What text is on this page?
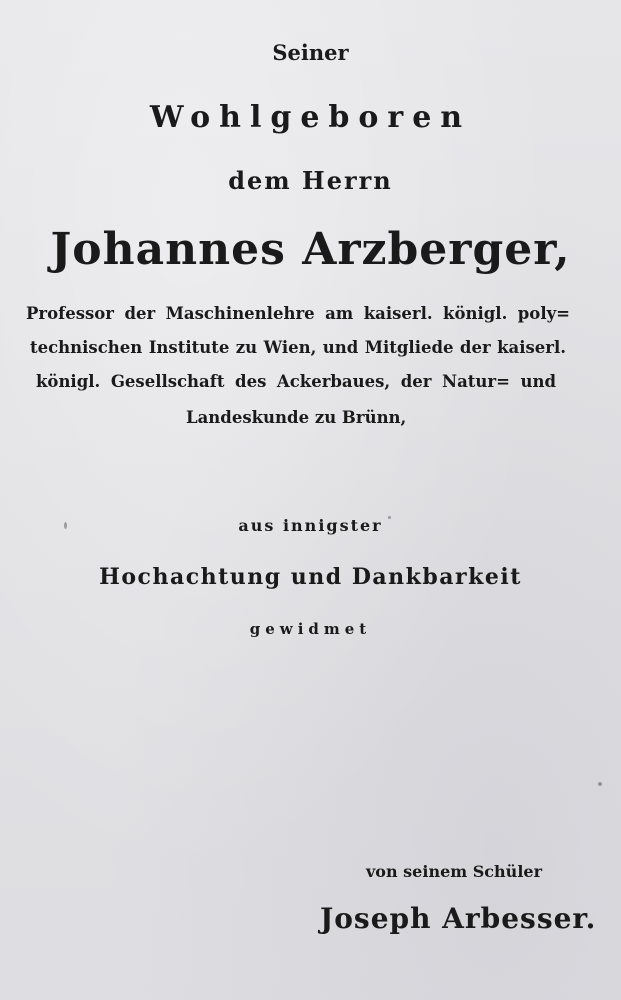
Seiner
Wohlgeboren
dem Herrn
Johannes Arzberger,
Professor der Maschinenlehre am kaiserl. königl. poly=
technischen Institute zu Wien, und Mitgliede der kaiserl.
königl. Gesellschaft des Ackerbaues, der Natur= und
Landeskunde zu Brünn,
aus innigster
Hochachtung und Dankbarkeit
gewidmet
von seinem Schüler
Joseph Arbesser.
